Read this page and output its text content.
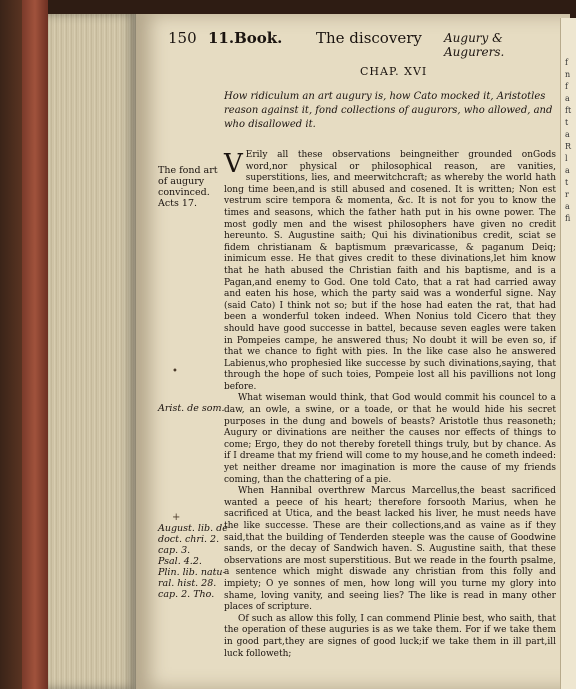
f
n
f
a
ft
t
a
R
l
a
t
r
a
fi
150 11.Book. The discovery Augury & Augurers.
CHAP. XVI
How ridiculum an art augury is, how Cato mocked it, Aristotles reason against it, fond collections of augurors, who allowed, and who disallowed it.
The fond art
of augury
convinced.
Acts 17.
•
Arist. de som.
+
August. lib. de
doct. chri. 2.
cap. 3.
Psal. 4.2.
Plin. lib. natu-
ral. hist. 28.
cap. 2. Tho.

V Erily all these observations beingneither grounded onGods word,nor physical or philosophical reason, are vanities, superstitions, lies, and meerwitchcraft; as whereby the world hath long time been,and is still abused and cosened. It is written; Non est vestrum scire tempora & momenta, &c. It is not for you to know the times and seasons, which the father hath put in his owne power. The most godly men and the wisest philosophers have given no credit hereunto. S. Augustine saith; Qui his divinationibus credit, sciat se fidem christianam & baptismum prævaricasse, & paganum Deiq; inimicum esse. He that gives credit to these divinations,let him know that he hath abused the Christian faith and his baptisme, and is a Pagan,and enemy to God. One told Cato, that a rat had carried away and eaten his hose, which the party said was a wonderful signe. Nay (said Cato) I think not so; but if the hose had eaten the rat, that had been a wonderful token indeed. When Nonius told Cicero that they should have good successe in battel, because seven eagles were taken in Pompeies campe, he answered thus; No doubt it will be even so, if that we chance to fight with pies. In the like case also he answered Labienus,who prophesied like successe by such divinations,saying, that through the hope of such toies, Pompeie lost all his pavillions not long before.

What wiseman would think, that God would commit his councel to a daw, an owle, a swine, or a toade, or that he would hide his secret purposes in the dung and bowels of beasts? Aristotle thus reasoneth; Augury or divinations are neither the causes nor effects of things to come; Ergo, they do not thereby foretell things truly, but by chance. As if I dreame that my friend will come to my house,and he cometh indeed: yet neither dreame nor imagination is more the cause of my friends coming, than the chattering of a pie.

When Hannibal overthrew Marcus Marcellus,the beast sacrificed wanted a peece of his heart; therefore forsooth Marius, when he sacrificed at Utica, and the beast lacked his liver, he must needs have the like successe. These are their collections,and as vaine as if they said,that the building of Tenderden steeple was the cause of Goodwine sands, or the decay of Sandwich haven. S. Augustine saith, that these observations are most superstitious. But we reade in the fourth psalme, a sentence which might diswade any christian from this folly and impiety; O ye sonnes of men, how long will you turne my glory into shame, loving vanity, and seeing lies? The like is read in many other places of scripture.

Of such as allow this folly, I can commend Plinie best, who saith, that the operation of these auguries is as we take them. For if we take them in good part,they are signes of good luck;if we take them in ill part,ill luck followeth;
